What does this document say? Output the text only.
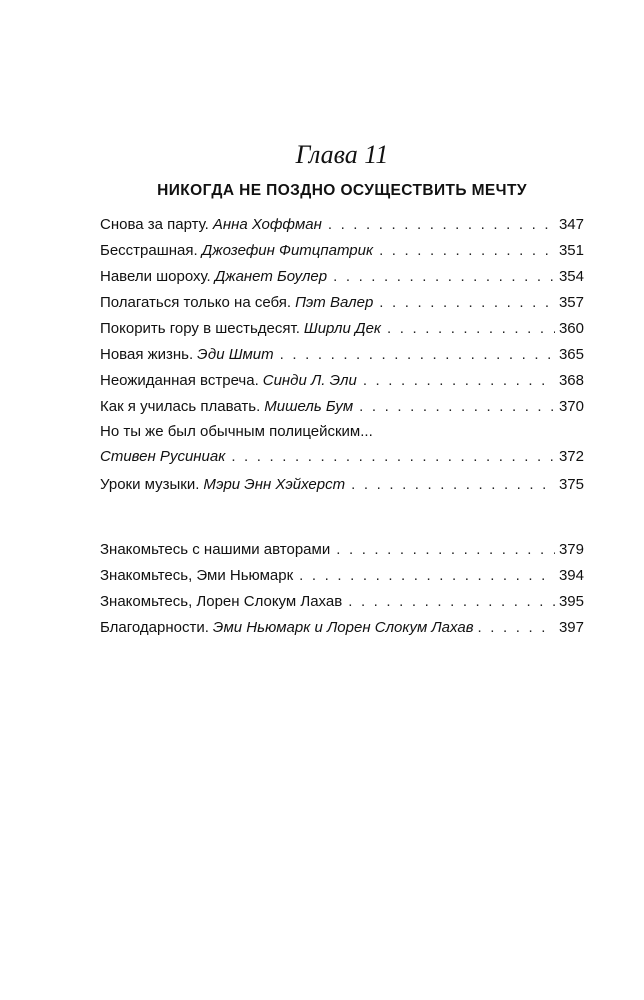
Глава 11
НИКОГДА НЕ ПОЗДНО ОСУЩЕСТВИТЬ МЕЧТУ
Снова за парту. Анна Хоффман . . .	347
Бесстрашная. Джозефин Фитцпатрик . . .	351
Навели шороху. Джанет Боулер . . .	354
Полагаться только на себя. Пэт Валер . . .	357
Покорить гору в шестьдесят. Ширли Дек . . .	360
Новая жизнь. Эди Шмит . . .	365
Неожиданная встреча. Синди Л. Эли . . .	368
Как я училась плавать. Мишель Бум . . .	370
Но ты же был обычным полицейским...
Стивен Русиниак . . .	372
Уроки музыки. Мэри Энн Хэйхерст . . .	375
Знакомьтесь с нашими авторами . . .	379
Знакомьтесь, Эми Ньюмарк . . .	394
Знакомьтесь, Лорен Слоку​м Лахав . . .	395
Благодарности. Эми Ньюмарк и Лорен Слокум Лахав . . .	397
